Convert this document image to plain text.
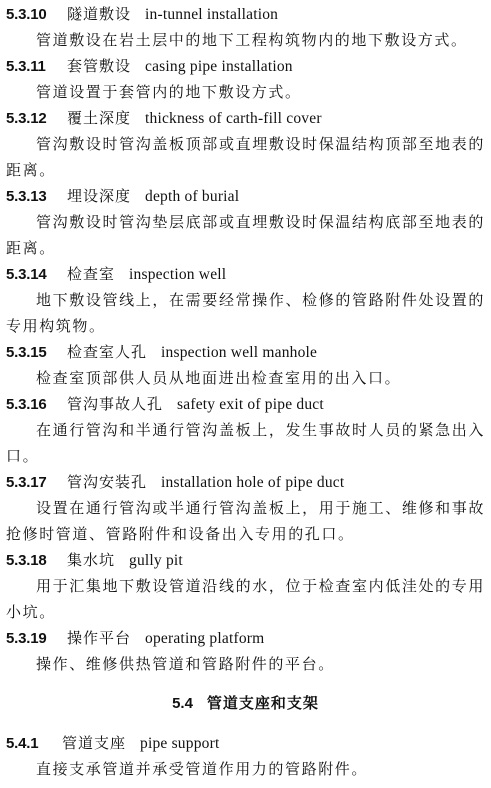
5.3.10 隧道敷设 in-tunnel installation

管道敷设在岩土层中的地下工程构筑物内的地下敷设方式。

5.3.11 套管敷设 casing pipe installation

管道设置于套管内的地下敷设方式。

5.3.12 覆土深度 thickness of carth-fill cover

管沟敷设时管沟盖板顶部或直埋敷设时保温结构顶部至地表的距离。

5.3.13 埋设深度 depth of burial

管沟敷设时管沟垫层底部或直埋敷设时保温结构底部至地表的距离。

5.3.14 检查室 inspection well

地下敷设管线上，在需要经常操作、检修的管路附件处设置的专用构筑物。

5.3.15 检查室人孔 inspection well manhole

检查室顶部供人员从地面进出检查室用的出入口。

5.3.16 管沟事故人孔 safety exit of pipe duct

在通行管沟和半通行管沟盖板上，发生事故时人员的紧急出入口。

5.3.17 管沟安装孔 installation hole of pipe duct

设置在通行管沟或半通行管沟盖板上，用于施工、维修和事故抢修时管道、管路附件和设备出入专用的孔口。

5.3.18 集水坑 gully pit

用于汇集地下敷设管道沿线的水，位于检查室内低洼处的专用小坑。

5.3.19 操作平台 operating platform

操作、维修供热管道和管路附件的平台。

5.4 管道支座和支架
5.4.1 管道支座 pipe support

直接支承管道并承受管道作用力的管路附件。
